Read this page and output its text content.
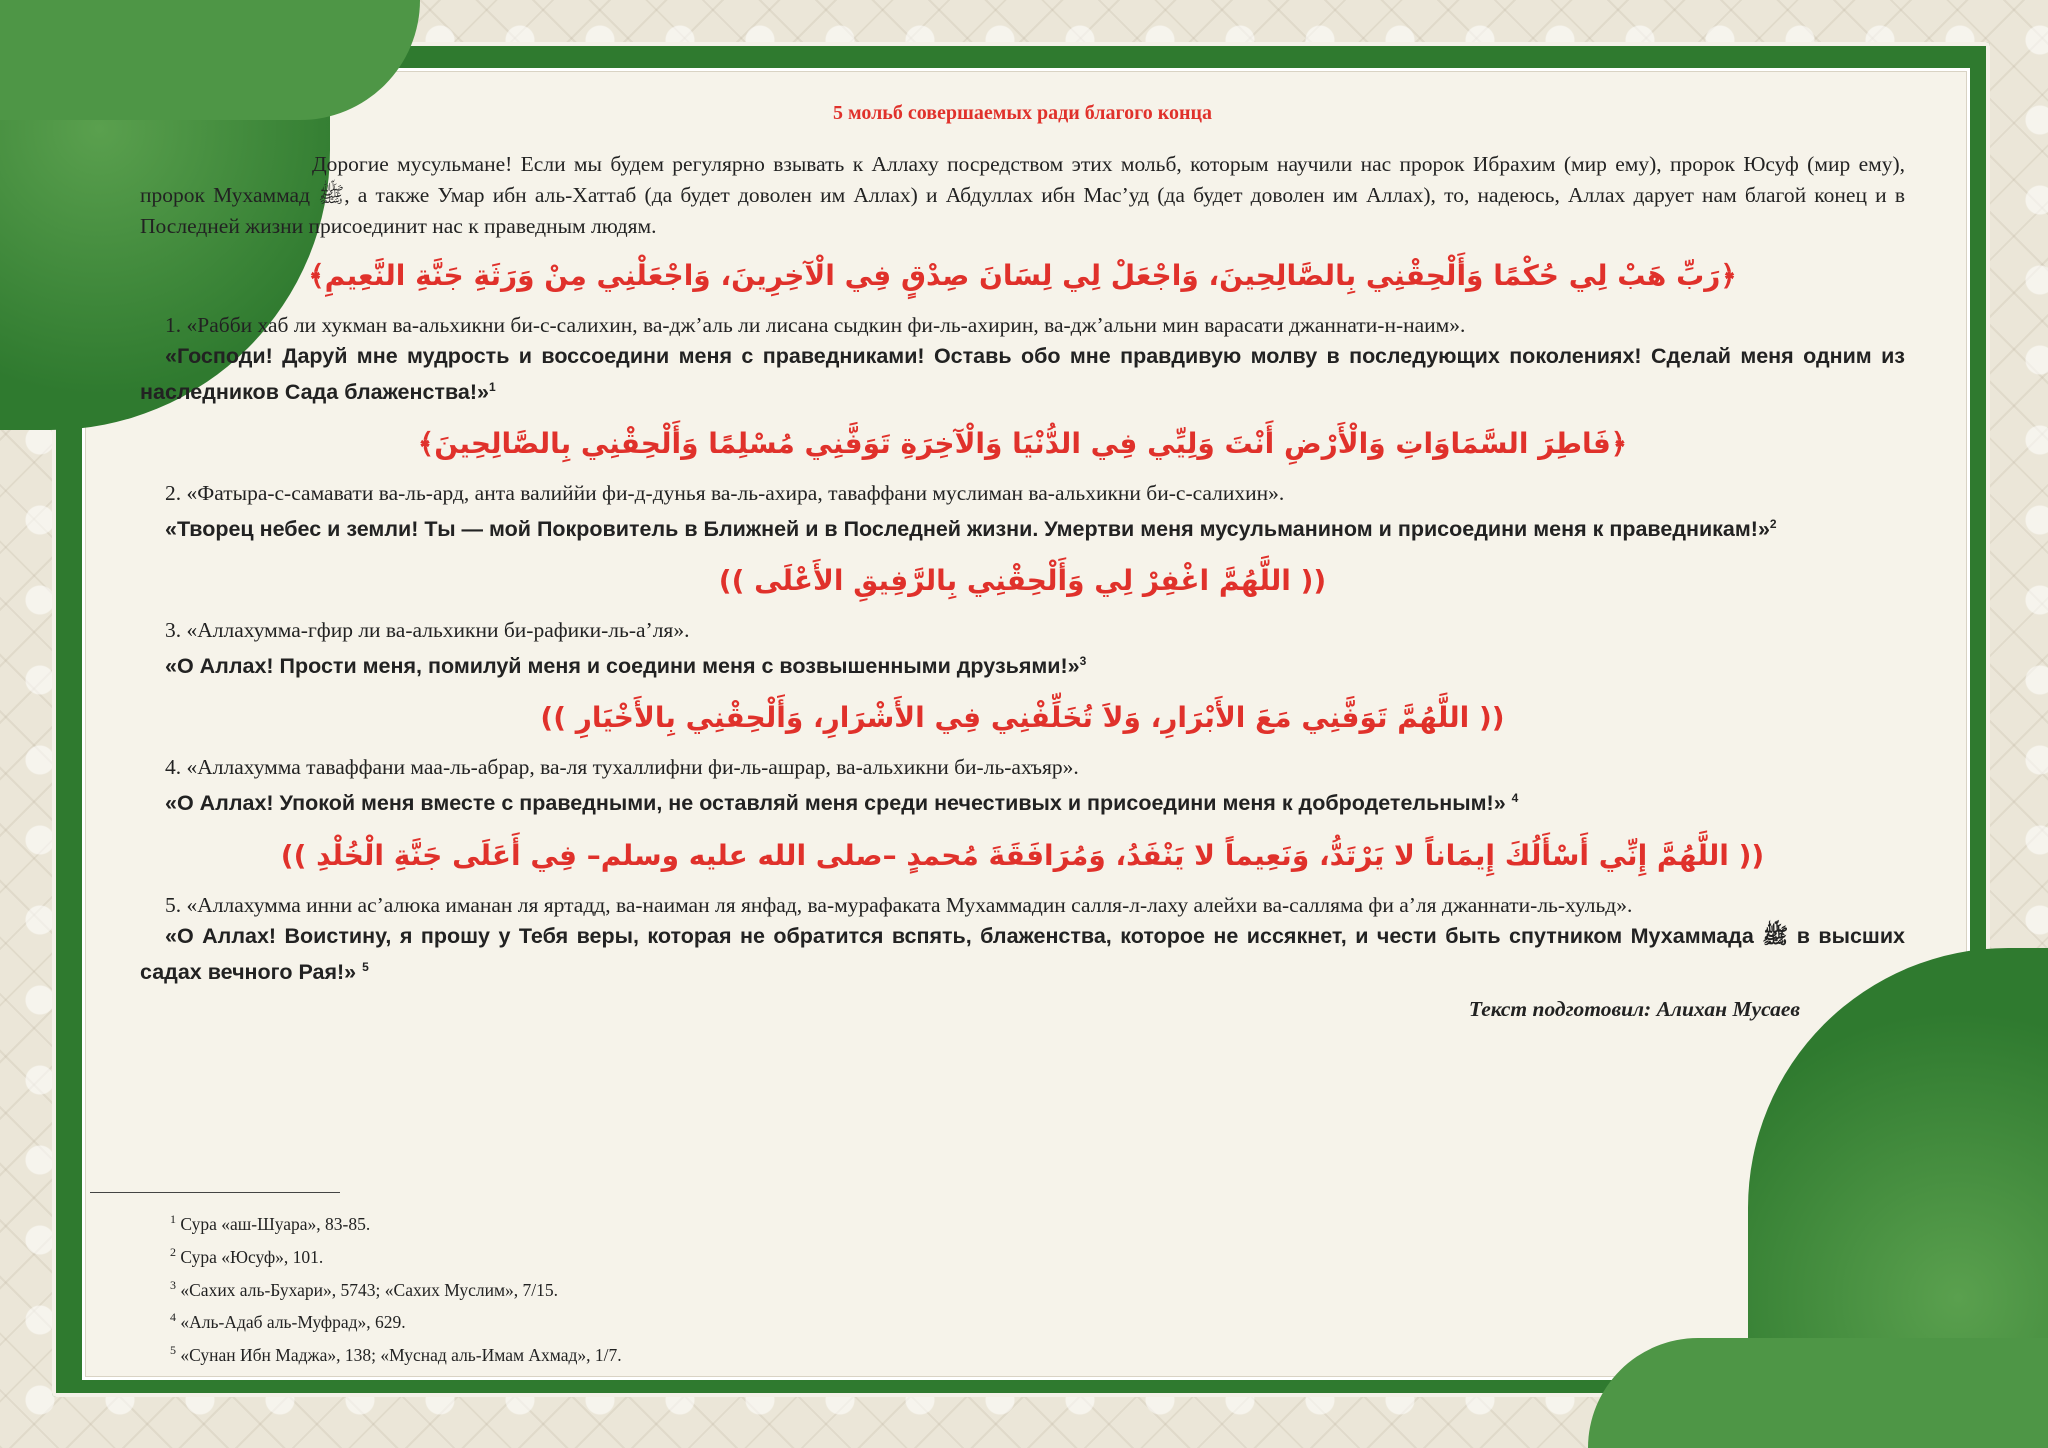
5 мольб совершаемых ради благого конца

Дорогие мусульмане! Если мы будем регулярно взывать к Аллаху посредством этих мольб, которым научили нас пророк Ибрахим (мир ему), пророк Юсуф (мир ему), пророк Мухаммад ﷺ, а также Умар ибн аль-Хаттаб (да будет доволен им Аллах) и Абдуллах ибн Мас’уд (да будет доволен им Аллах), то, надеюсь, Аллах дарует нам благой конец и в Последней жизни присоединит нас к праведным людям.

﴿رَبِّ هَبْ لِي حُكْمًا وَأَلْحِقْنِي بِالصَّالِحِينَ، وَاجْعَلْ لِي لِسَانَ صِدْقٍ فِي الْآخِرِينَ، وَاجْعَلْنِي مِنْ وَرَثَةِ جَنَّةِ النَّعِيمِ﴾

1. «Рабби хаб ли хукман ва-альхикни би-с-салихин, ва-дж’аль ли лисана сыдкин фи-ль-ахирин, ва-дж’альни мин варасати джаннати-н-наим».

«Господи! Даруй мне мудрость и воссоедини меня с праведниками! Оставь обо мне правдивую молву в последующих поколениях! Сделай меня одним из наследников Сада блаженства!»$^1$

﴿فَاطِرَ السَّمَاوَاتِ وَالْأَرْضِ أَنْتَ وَلِيِّي فِي الدُّنْيَا وَالْآخِرَةِ تَوَفَّنِي مُسْلِمًا وَأَلْحِقْنِي بِالصَّالِحِينَ﴾

2. «Фатыра-с-самавати ва-ль-ард, анта валиййи фи-д-дунья ва-ль-ахира, таваффани муслиман ва-альхикни би-с-салихин».

«Творец небес и земли! Ты — мой Покровитель в Ближней и в Последней жизни. Умертви меня мусульманином и присоедини меня к праведникам!»$^2$

(( اللَّهُمَّ اغْفِرْ لِي وَأَلْحِقْنِي بِالرَّفِيقِ الأَعْلَى ))

3. «Аллахумма-гфир ли ва-альхикни би-рафики-ль-а’ля».

«О Аллах! Прости меня, помилуй меня и соедини меня с возвышенными друзьями!»$^3$

(( اللَّهُمَّ تَوَفَّنِي مَعَ الأَبْرَارِ، وَلاَ تُخَلِّفْنِي فِي الأَشْرَارِ، وَأَلْحِقْنِي بِالأَخْيَارِ ))

4. «Аллахумма таваффани маа-ль-абрар, ва-ля тухаллифни фи-ль-ашрар, ва-альхикни би-ль-ахъяр».

«О Аллах! Упокой меня вместе с праведными, не оставляй меня среди нечестивых и присоедини меня к добродетельным!» $^4$

(( اللَّهُمَّ إِنِّي أَسْأَلُكَ إِيمَاناً لا يَرْتَدُّ، وَنَعِيماً لا يَنْفَدُ، وَمُرَافَقَةَ مُحمدٍ –صلى الله عليه وسلم– فِي أَعَلَى جَنَّةِ الْخُلْدِ ))

5. «Аллахумма инни ас’алюка иманан ля яртадд, ва-наиман ля янфад, ва-мурафаката Мухаммадин салля-л-лаху алейхи ва-салляма фи а’ля джаннати-ль-хульд».

«О Аллах! Воистину, я прошу у Тебя веры, которая не обратится вспять, блаженства, которое не иссякнет, и чести быть спутником Мухаммада ﷺ в высших садах вечного Рая!» $^5$

Текст подготовил: Алихан Мусаев
$^1$ Сура «аш-Шуара», 83-85.
$^2$ Сура «Юсуф», 101.
$^3$ «Сахих аль-Бухари», 5743; «Сахих Муслим», 7/15.
$^4$ «Аль-Адаб аль-Муфрад», 629.
$^5$ «Сунан Ибн Маджа», 138; «Муснад аль-Имам Ахмад», 1/7.
